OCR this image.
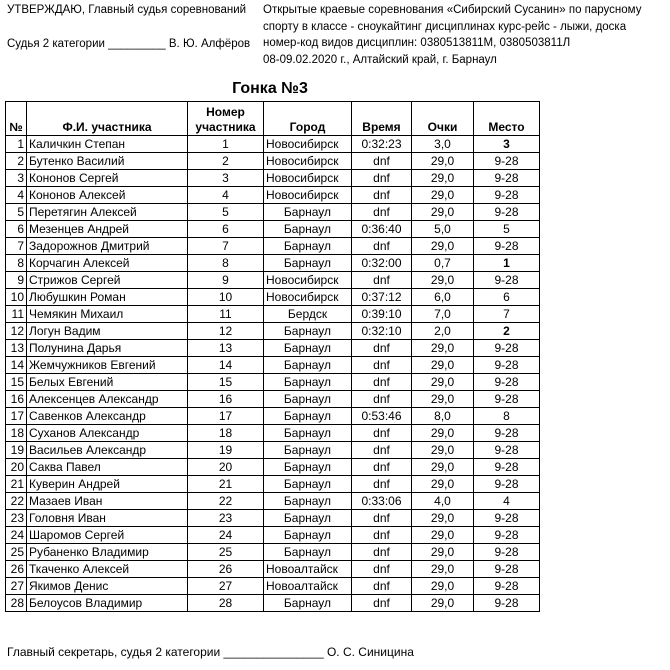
УТВЕРЖДАЮ, Главный судья соревнований
Судья 2 категории _________ В. Ю. Алфёров
Открытые краевые соревнования «Сибирский Сусанин» по парусному
спорту в классе - сноукайтинг дисциплинах курс-рейс - лыжи, доска
номер-код видов дисциплин: 0380513811М, 0380503811Л
08-09.02.2020 г., Алтайский край, г. Барнаул
Гонка №3
№	Ф.И. участника	Номер участника	Город	Время	Очки	Место
1	Каличкин Степан	1	Новосибирск	0:32:23	3,0	3
2	Бутенко Василий	2	Новосибирск	dnf	29,0	9-28
3	Кононов Сергей	3	Новосибирск	dnf	29,0	9-28
4	Кононов Алексей	4	Новосибирск	dnf	29,0	9-28
5	Перетягин Алексей	5	Барнаул	dnf	29,0	9-28
6	Мезенцев Андрей	6	Барнаул	0:36:40	5,0	5
7	Задорожнов Дмитрий	7	Барнаул	dnf	29,0	9-28
8	Корчагин Алексей	8	Барнаул	0:32:00	0,7	1
9	Стрижов Сергей	9	Новосибирск	dnf	29,0	9-28
10	Любушкин Роман	10	Новосибирск	0:37:12	6,0	6
11	Чемякин Михаил	11	Бердск	0:39:10	7,0	7
12	Логун Вадим	12	Барнаул	0:32:10	2,0	2
13	Полунина Дарья	13	Барнаул	dnf	29,0	9-28
14	Жемчужников Евгений	14	Барнаул	dnf	29,0	9-28
15	Белых Евгений	15	Барнаул	dnf	29,0	9-28
16	Алексенцев Александр	16	Барнаул	dnf	29,0	9-28
17	Савенков Александр	17	Барнаул	0:53:46	8,0	8
18	Суханов Александр	18	Барнаул	dnf	29,0	9-28
19	Васильев Александр	19	Барнаул	dnf	29,0	9-28
20	Саква Павел	20	Барнаул	dnf	29,0	9-28
21	Куверин Андрей	21	Барнаул	dnf	29,0	9-28
22	Мазаев Иван	22	Барнаул	0:33:06	4,0	4
23	Головня Иван	23	Барнаул	dnf	29,0	9-28
24	Шаромов Сергей	24	Барнаул	dnf	29,0	9-28
25	Рубаненко Владимир	25	Барнаул	dnf	29,0	9-28
26	Ткаченко Алексей	26	Новоалтайск	dnf	29,0	9-28
27	Якимов Денис	27	Новоалтайск	dnf	29,0	9-28
28	Белоусов Владимир	28	Барнаул	dnf	29,0	9-28
Главный секретарь, судья 2 категории _______________ О. С. Синицина
